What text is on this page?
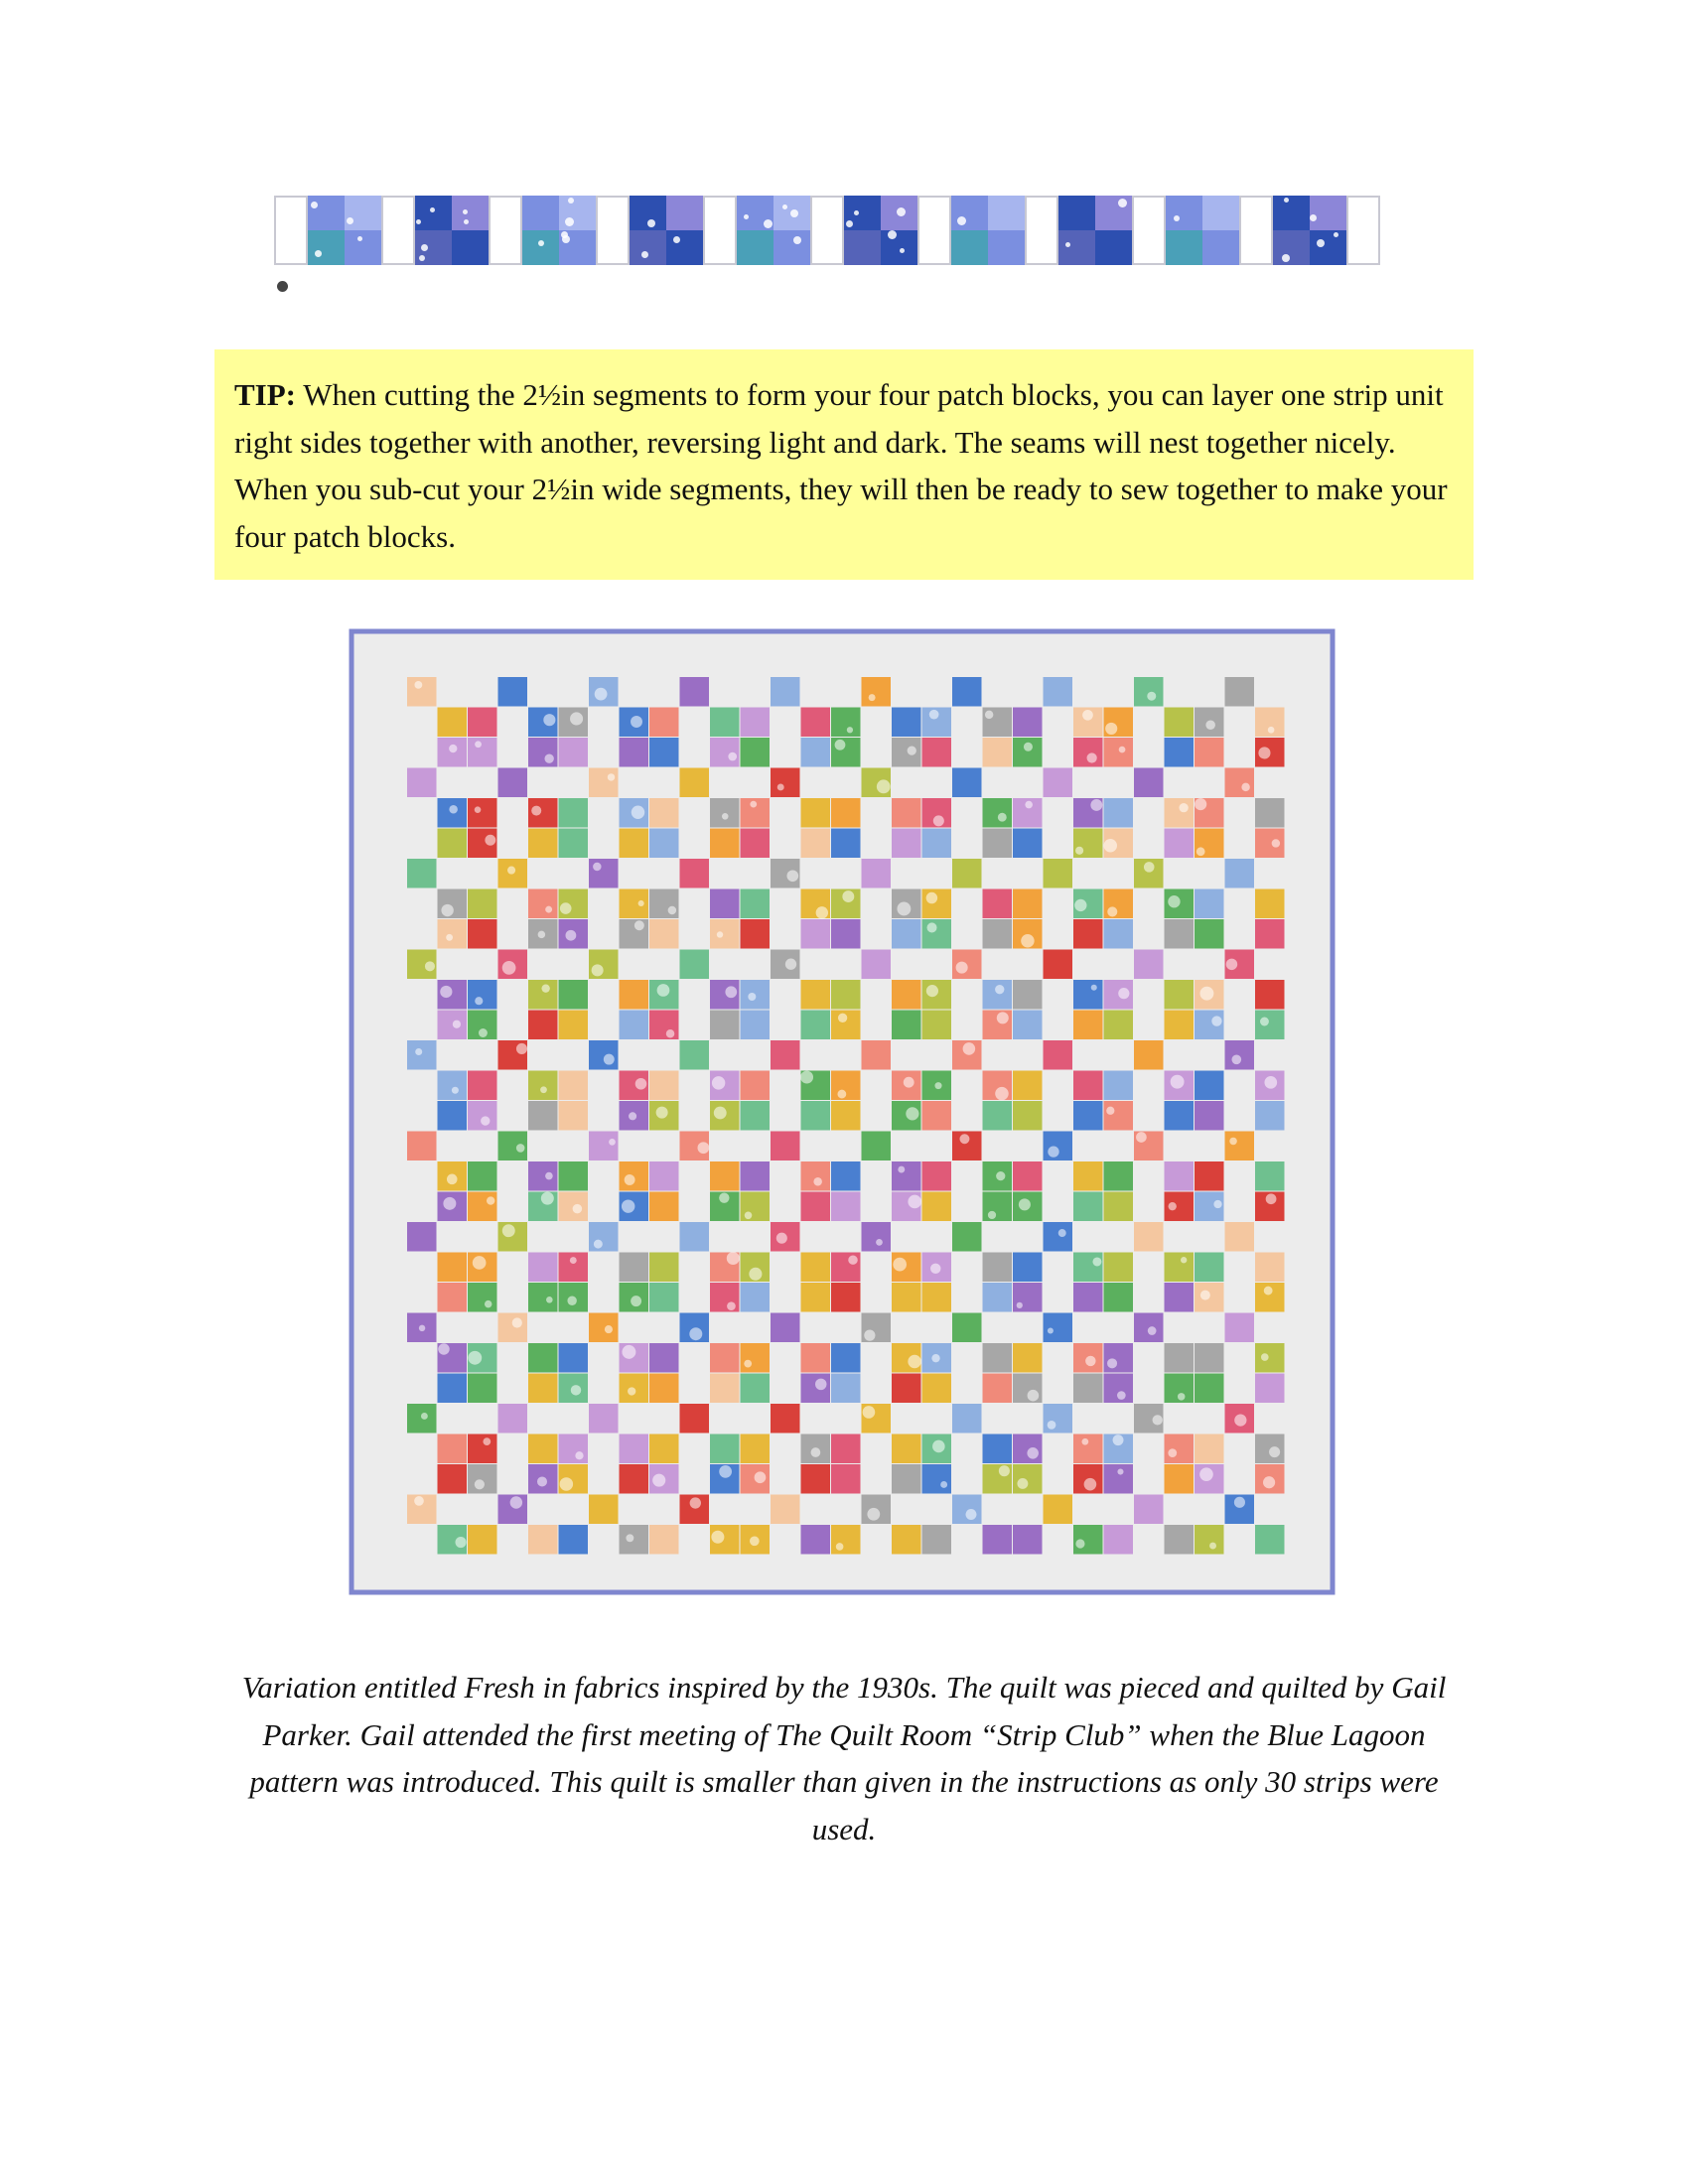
TIP: When cutting the 2½in segments to form your four patch blocks, you can layer one strip unit right sides together with another, reversing light and dark. The seams will nest together nicely. When you sub-cut your 2½in wide segments, they will then be ready to sew together to make your four patch blocks.

Variation entitled Fresh in fabrics inspired by the 1930s. The quilt was pieced and quilted by Gail Parker. Gail attended the first meeting of The Quilt Room “Strip Club” when the Blue Lagoon pattern was introduced. This quilt is smaller than given in the instructions as only 30 strips were used.
